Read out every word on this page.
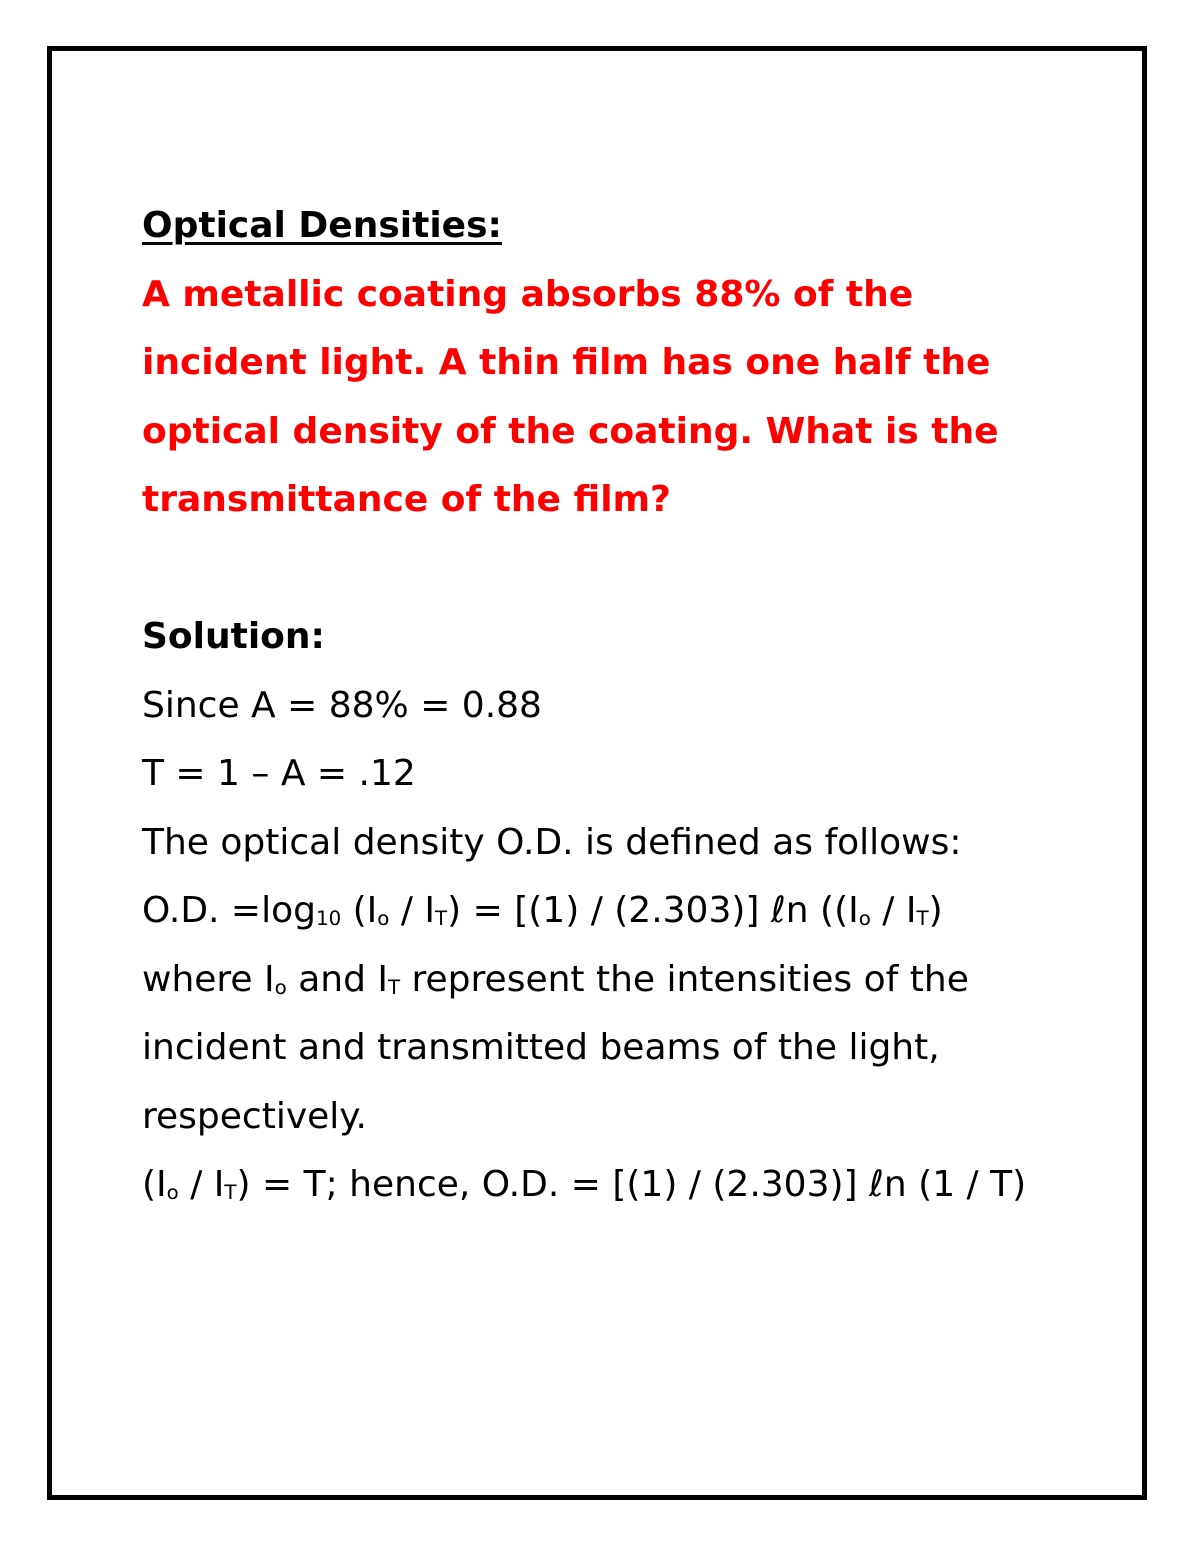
Optical Densities:
A metallic coating absorbs 88% of the incident light. A thin film has one half the optical density of the coating. What is the transmittance of the film?
Solution:
Since A = 88% = 0.88
T = 1 – A = .12
The optical density O.D. is defined as follows:
O.D. $=\log_{10}$ $(I_o / I_T) = [(1) / (2.303)]$ ℓn ($(I_o / I_T)$
where $I_o$ and $I_T$ represent the intensities of the incident and transmitted beams of the light, respectively.
$(I_o / I_T) = T$; hence, O.D. = [(1) / (2.303)] ℓn (1 / T)
